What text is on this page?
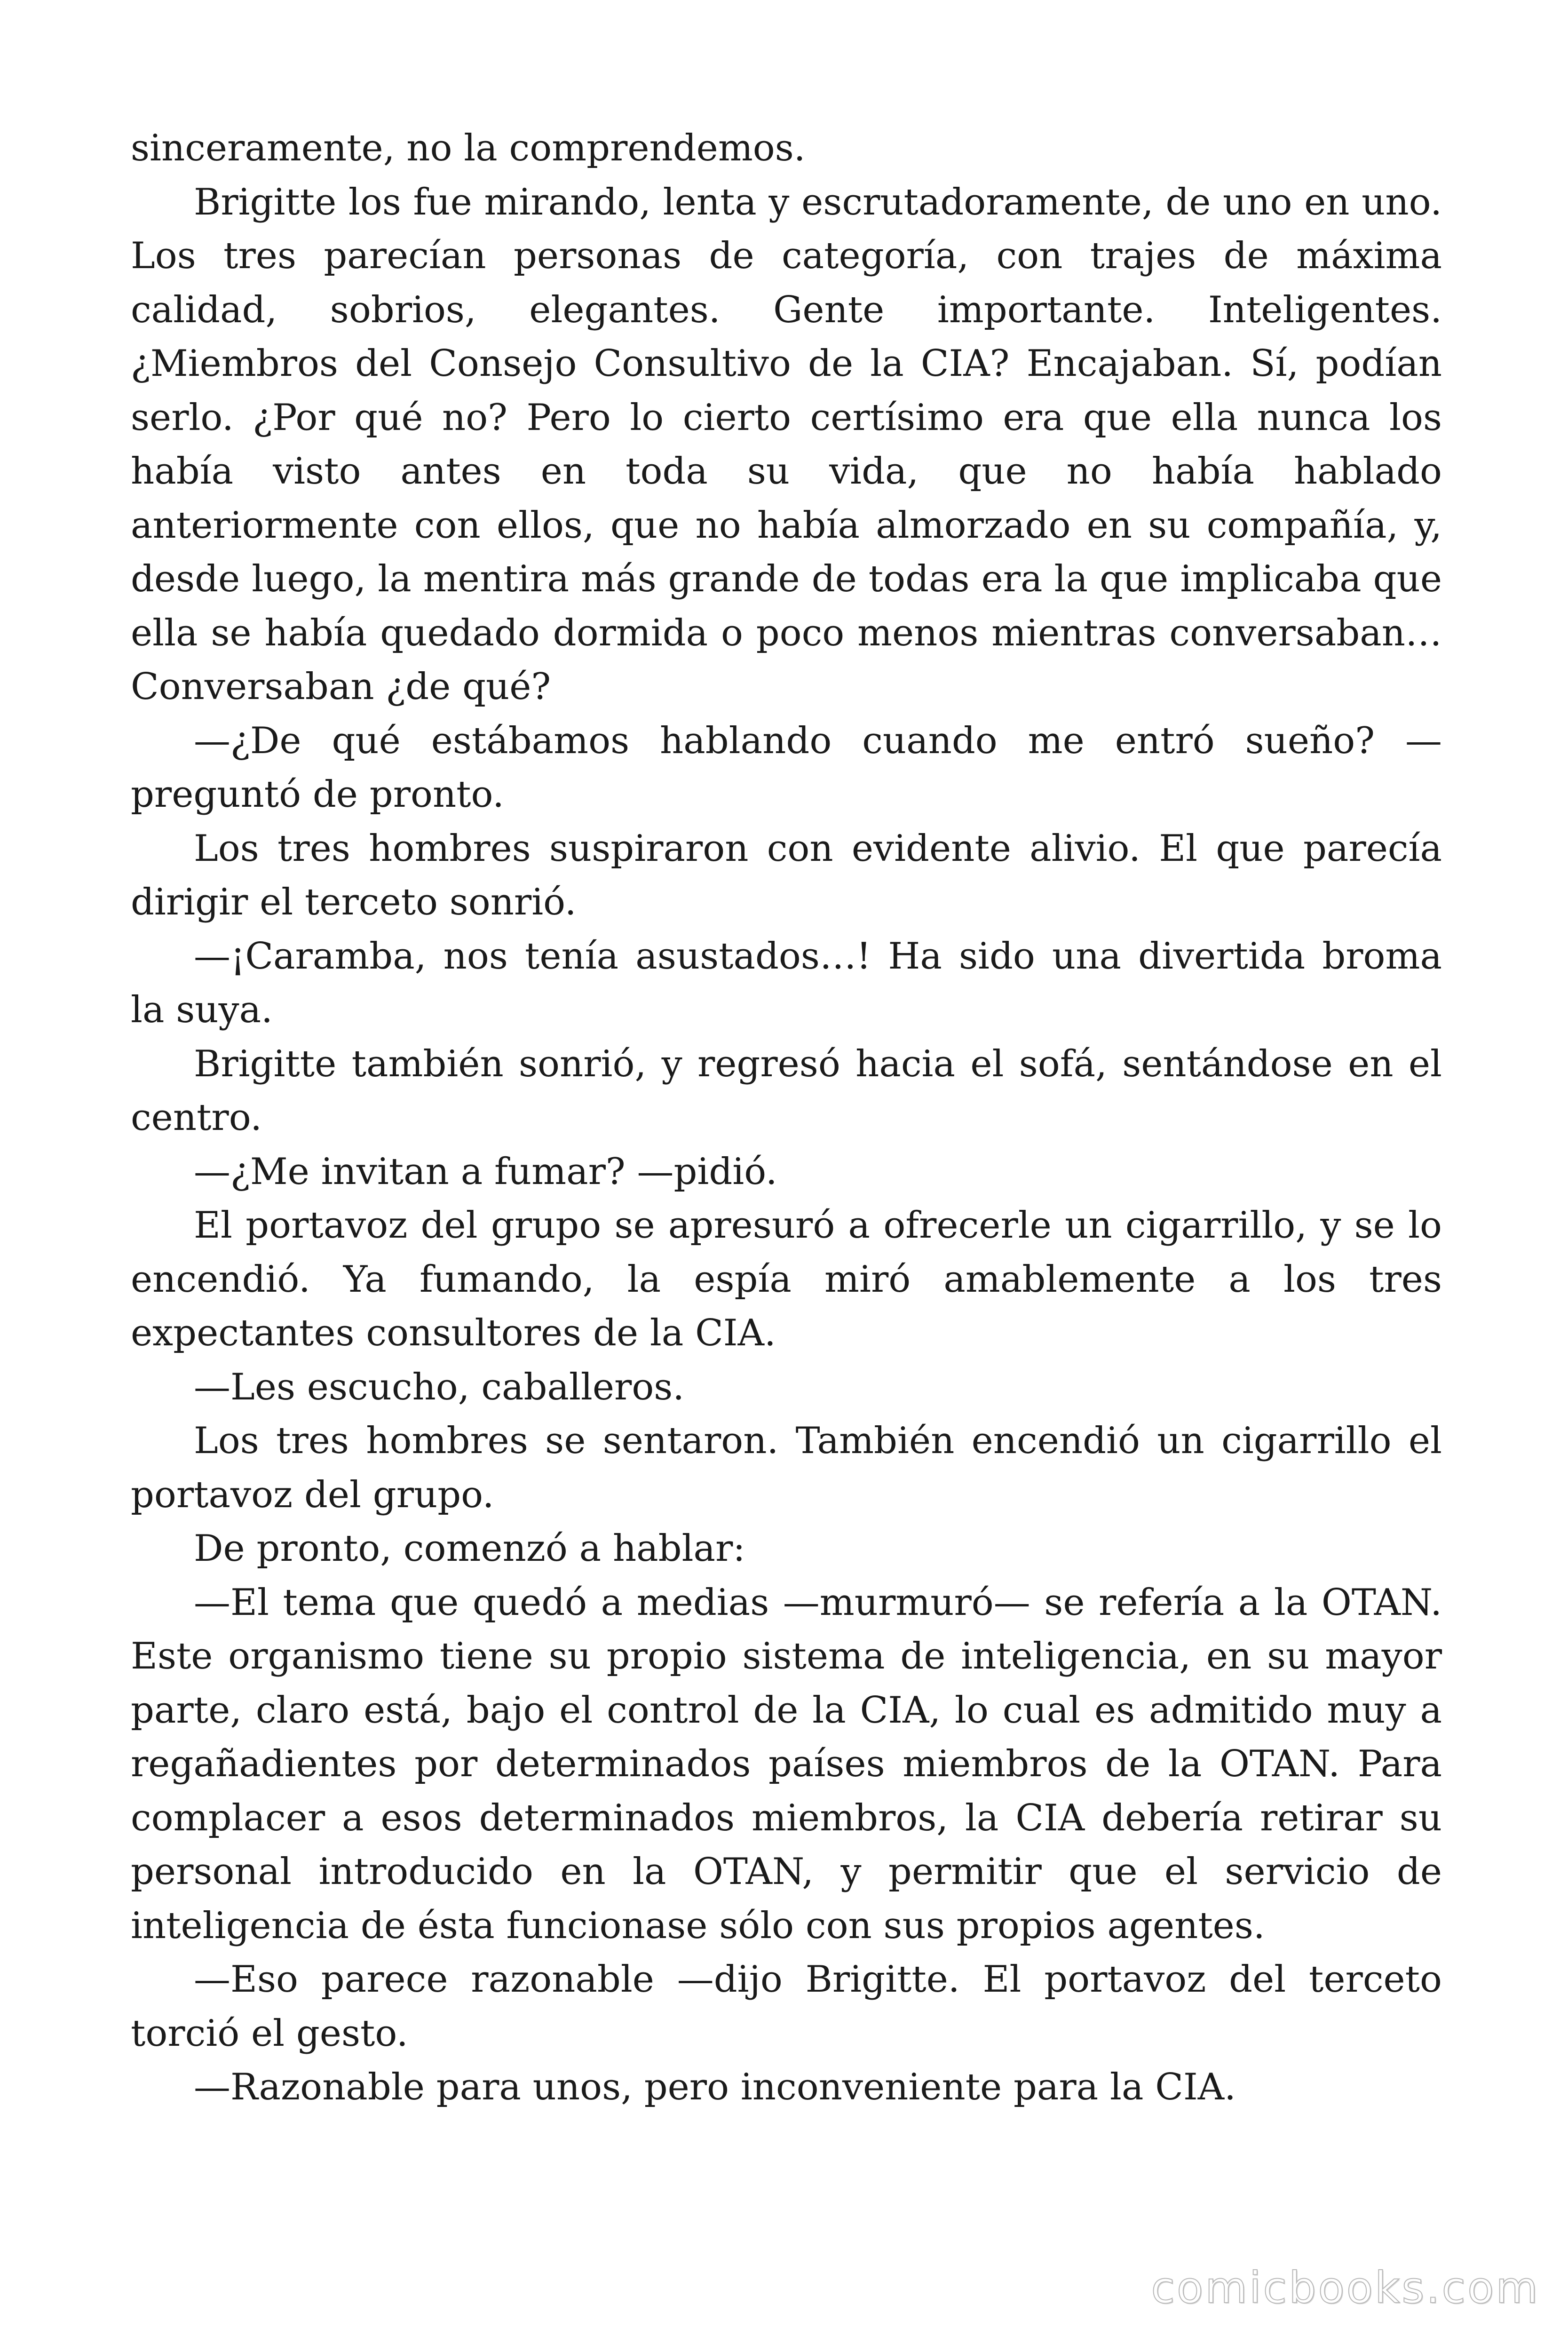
sinceramente, no la comprendemos.

Brigitte los fue mirando, lenta y escrutadoramente, de uno en uno. Los tres parecían personas de categoría, con trajes de máxima calidad, sobrios, elegantes. Gente importante. Inteligentes. ¿Miembros del Consejo Consultivo de la CIA? Encajaban. Sí, podían serlo. ¿Por qué no? Pero lo cierto certísimo era que ella nunca los había visto antes en toda su vida, que no había hablado anteriormente con ellos, que no había almorzado en su compañía, y, desde luego, la mentira más grande de todas era la que implicaba que ella se había quedado dormida o poco menos mientras conversaban… Conversaban ¿de qué?

—¿De qué estábamos hablando cuando me entró sueño? —preguntó de pronto.

Los tres hombres suspiraron con evidente alivio. El que parecía dirigir el terceto sonrió.

—¡Caramba, nos tenía asustados…! Ha sido una divertida broma la suya.

Brigitte también sonrió, y regresó hacia el sofá, sentándose en el centro.

—¿Me invitan a fumar? —pidió.

El portavoz del grupo se apresuró a ofrecerle un cigarrillo, y se lo encendió. Ya fumando, la espía miró amablemente a los tres expectantes consultores de la CIA.

—Les escucho, caballeros.

Los tres hombres se sentaron. También encendió un cigarrillo el portavoz del grupo.

De pronto, comenzó a hablar:

—El tema que quedó a medias —murmuró— se refería a la OTAN. Este organismo tiene su propio sistema de inteligencia, en su mayor parte, claro está, bajo el control de la CIA, lo cual es admitido muy a regañadientes por determinados países miembros de la OTAN. Para complacer a esos determinados miembros, la CIA debería retirar su personal introducido en la OTAN, y permitir que el servicio de inteligencia de ésta funcionase sólo con sus propios agentes.

—Eso parece razonable —dijo Brigitte. El portavoz del terceto torció el gesto.

—Razonable para unos, pero inconveniente para la CIA.

comicbooks.com
